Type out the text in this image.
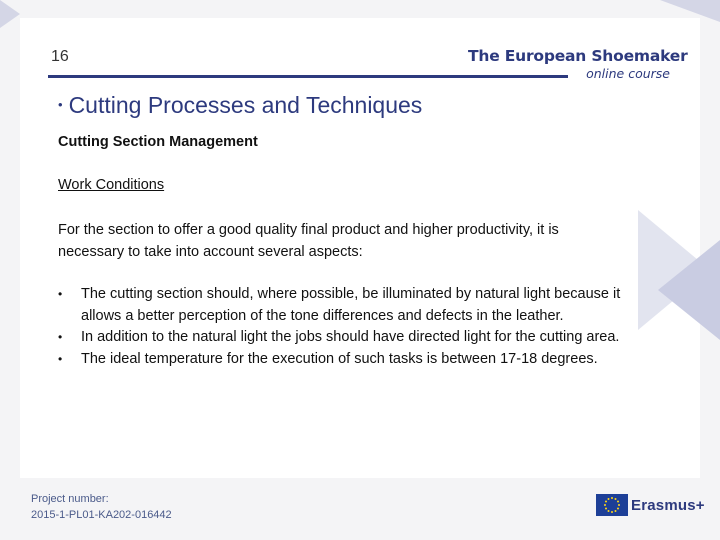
16	The European Shoemaker
online course
• Cutting Processes and Techniques
Cutting Section Management
Work Conditions

For the section to offer a good quality final product and higher productivity, it is necessary to take into account several aspects:

• The cutting section should, where possible, be illuminated by natural light because it allows a better perception of the tone differences and defects in the leather.
• In addition to the natural light the jobs should have directed light for the cutting area.
• The ideal temperature for the execution of such tasks is between 17-18 degrees.
Project number:
2015-1-PL01-KA202-016442
Erasmus+
